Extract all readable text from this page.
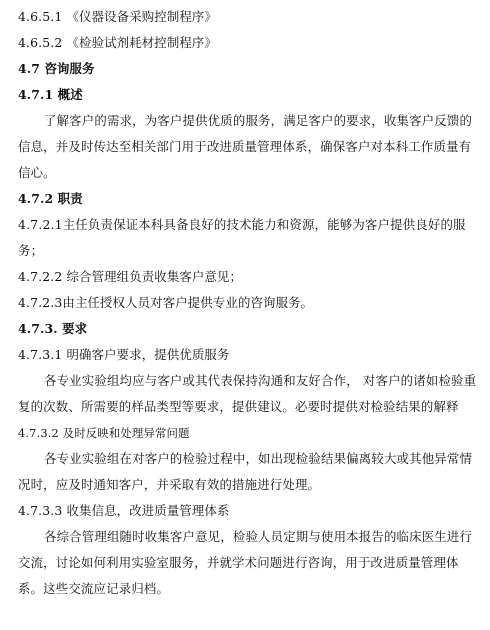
4.6.5.1 《仪器设备采购控制程序》
4.6.5.2 《检验试剂耗材控制程序》
4.7 咨询服务
4.7.1 概述

了解客户的需求，为客户提供优质的服务，满足客户的要求，收集客户反馈的信息，并及时传达至相关部门用于改进质量管理体系，确保客户对本科工作质量有信心。

4.7.2 职责

4.7.2.1主任负责保证本科具备良好的技术能力和资源，能够为客户提供良好的服务；

4.7.2.2 综合管理组负责收集客户意见；
4.7.2.3由主任授权人员对客户提供专业的咨询服务。
4.7.3. 要求
4.7.3.1 明确客户要求，提供优质服务

各专业实验组均应与客户或其代表保持沟通和友好合作， 对客户的诸如检验重复的次数、所需要的样品类型等要求，提供建议。必要时提供对检验结果的解释

4.7.3.2 及时反映和处理异常问题

各专业实验组在对客户的检验过程中，如出现检验结果偏离较大或其他异常情况时，应及时通知客户，并采取有效的措施进行处理。

4.7.3.3 收集信息，改进质量管理体系

各综合管理组随时收集客户意见，检验人员定期与使用本报告的临床医生进行交流，讨论如何利用实验室服务，并就学术问题进行咨询，用于改进质量管理体系。这些交流应记录归档。
